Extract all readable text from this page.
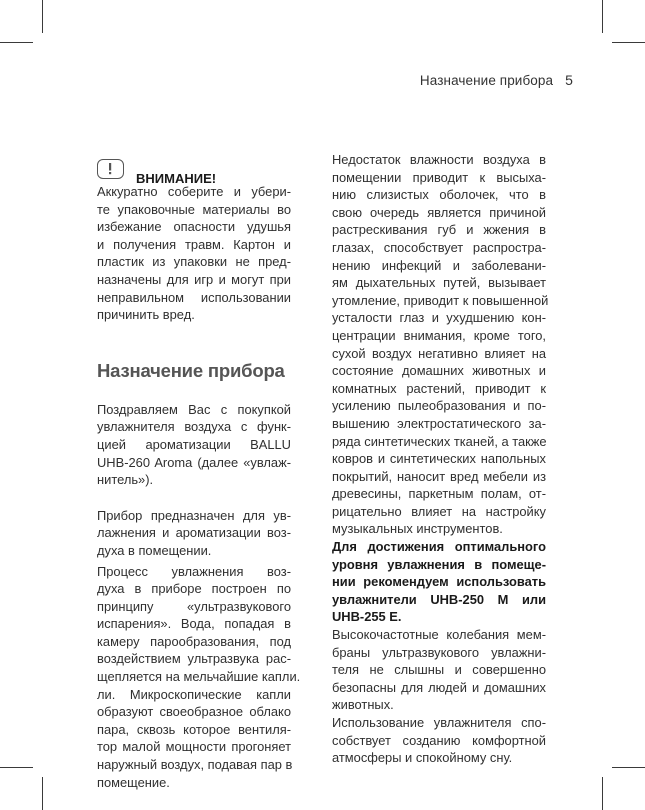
Назначение прибора 5
ВНИМАНИЕ!

Аккуратно соберите и убери-
те упаковочные материалы во
избежание опасности удушья
и получения травм. Картон и
пластик из упаковки не пред-
назначены для игр и могут при
неправильном использовании
причинить вред.

Назначение прибора

Поздравляем Вас с покупкой
увлажнителя воздуха с функ-
цией ароматизации BALLU
UHB-260 Aroma (далее «увлаж-
нитель»).

Прибор предназначен для ув-
лажнения и ароматизации воз-
духа в помещении.

Процесс увлажнения воз-
духа в приборе построен по
принципу «ультразвукового
испарения». Вода, попадая в
камеру парообразования, под
воздействием ультразвука рас-
щепляется на мельчайшие капли.
ли. Микроскопические капли
образуют своеобразное облако
пара, сквозь которое вентиля-
тор малой мощности прогоняет
наружный воздух, подавая пар в
помещение.

Недостаток влажности воздуха в
помещении приводит к высыха-
нию слизистых оболочек, что в
свою очередь является причиной
растрескивания губ и жжения в
глазах, способствует распростра-
нению инфекций и заболевани-
ям дыхательных путей, вызывает
утомление, приводит к повышенной
усталости глаз и ухудшению кон-
центрации внимания, кроме того,
сухой воздух негативно влияет на
состояние домашних животных и
комнатных растений, приводит к
усилению пылеобразования и по-
вышению электростатического за-
ряда синтетических тканей, а также
ковров и синтетических напольных
покрытий, наносит вред мебели из
древесины, паркетным полам, от-
рицательно влияет на настройку
музыкальных инструментов.

Для достижения оптимального
уровня увлажнения в помеще-
нии рекомендуем использовать
увлажнители UHB-250 M или
UHB-255 E.

Высокочастотные колебания мем-
браны ультразвукового увлажни-
теля не слышны и совершенно
безопасны для людей и домашних
животных.

Использование увлажнителя спо-
собствует созданию комфортной
атмосферы и спокойному сну.
